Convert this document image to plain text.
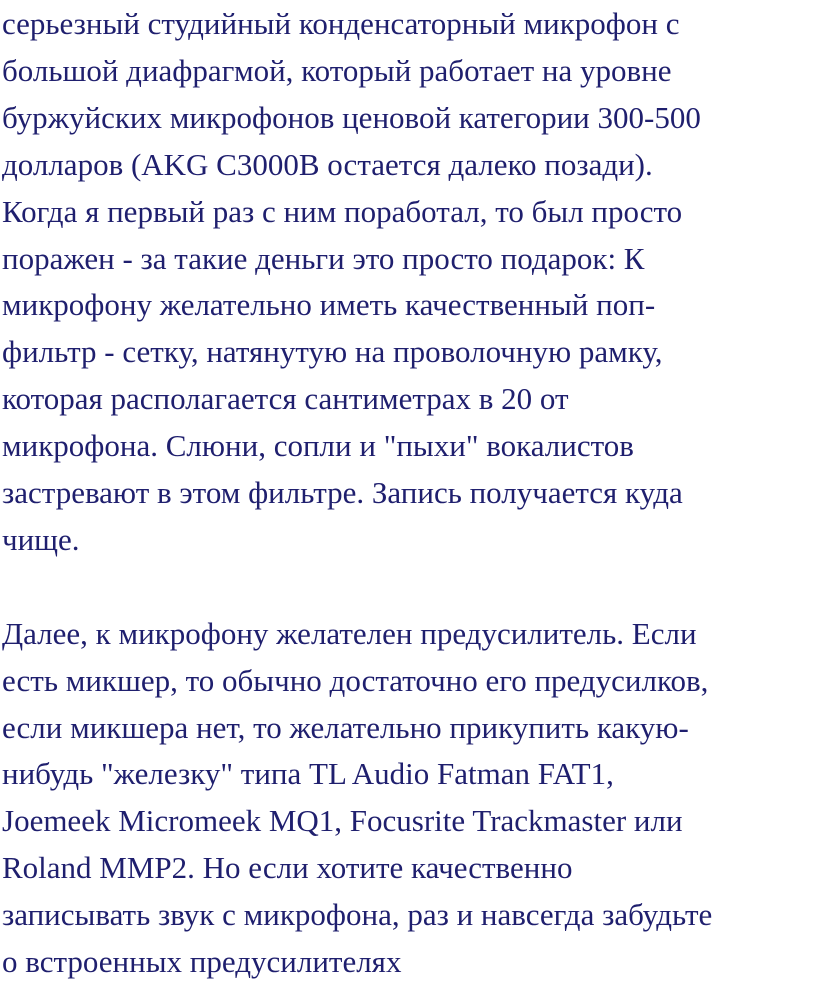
серьезный студийный конденсаторный микрофон с
большой диафрагмой, который работает на уровне
буржуйских микрофонов ценовой категории 300-500
долларов (AKG C3000B остается далеко позади).
Когда я первый раз с ним поработал, то был просто
поражен - за такие деньги это просто подарок: К
микрофону желательно иметь качественный поп-
фильтр - сетку, натянутую на проволочную рамку,
которая располагается сантиметрах в 20 от
микрофона. Слюни, сопли и "пыхи" вокалистов
застревают в этом фильтре. Запись получается куда
чище.
Далее, к микрофону желателен предусилитель. Если
есть микшер, то обычно достаточно его предусилков,
если микшера нет, то желательно прикупить какую-
нибудь "железку" типа TL Audio Fatman FAT1,
Joemeek Micromeek MQ1, Focusrite Trackmaster или
Roland MMP2. Но если хотите качественно
записывать звук с микрофона, раз и навсегда забудьте
о встроенных предусилителях
